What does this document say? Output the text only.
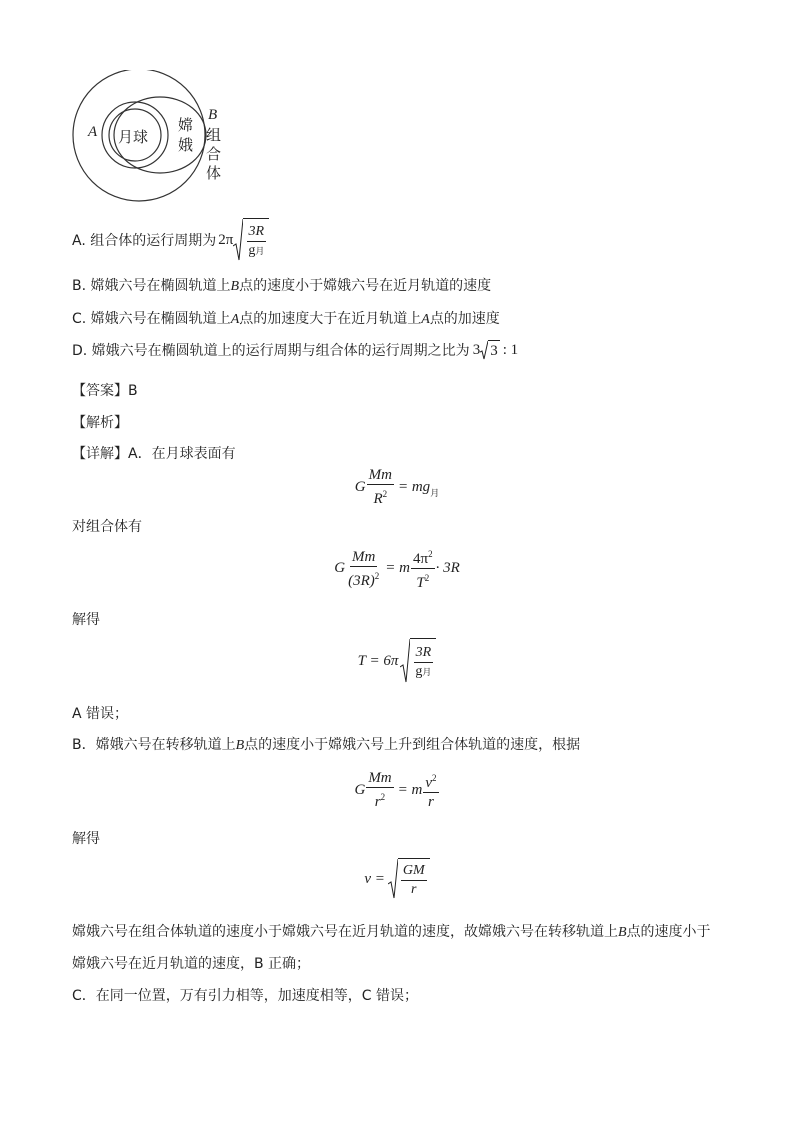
A
B
月球
嫦
娥
组
合
体
A. 组合体的运行周期为 $2\pi \frac{3R}{\text{g月}}$
B. 嫦娥六号在椭圆轨道上B点的速度小于嫦娥六号在近月轨道的速度
C. 嫦娥六号在椭圆轨道上A点的加速度大于在近月轨道上A点的加速度
D. 嫦娥六号在椭圆轨道上的运行周期与组合体的运行周期之比为 3 3 : 1
【答案】B
【解析】
【详解】A．在月球表面有
G $\frac{Mm}{R^2}$ = mg 月
对组合体有
G $\frac{Mm}{(3R)^2} = m \frac{4\pi^2}{T^2} \cdot 3R$
解得
$T = 6\pi \frac{3R}{\text{g月}}$
A 错误；
B．嫦娥六号在转移轨道上B点的速度小于嫦娥六号上升到组合体轨道的速度，根据
G $\frac{Mm}{r^2} = m \frac{v^2}{r}$
解得
$v = \frac{GM}{r}$
嫦娥六号在组合体轨道的速度小于嫦娥六号在近月轨道的速度，故嫦娥六号在转移轨道上B点的速度小于
嫦娥六号在近月轨道的速度，B 正确；
C．在同一位置，万有引力相等，加速度相等，C 错误；
